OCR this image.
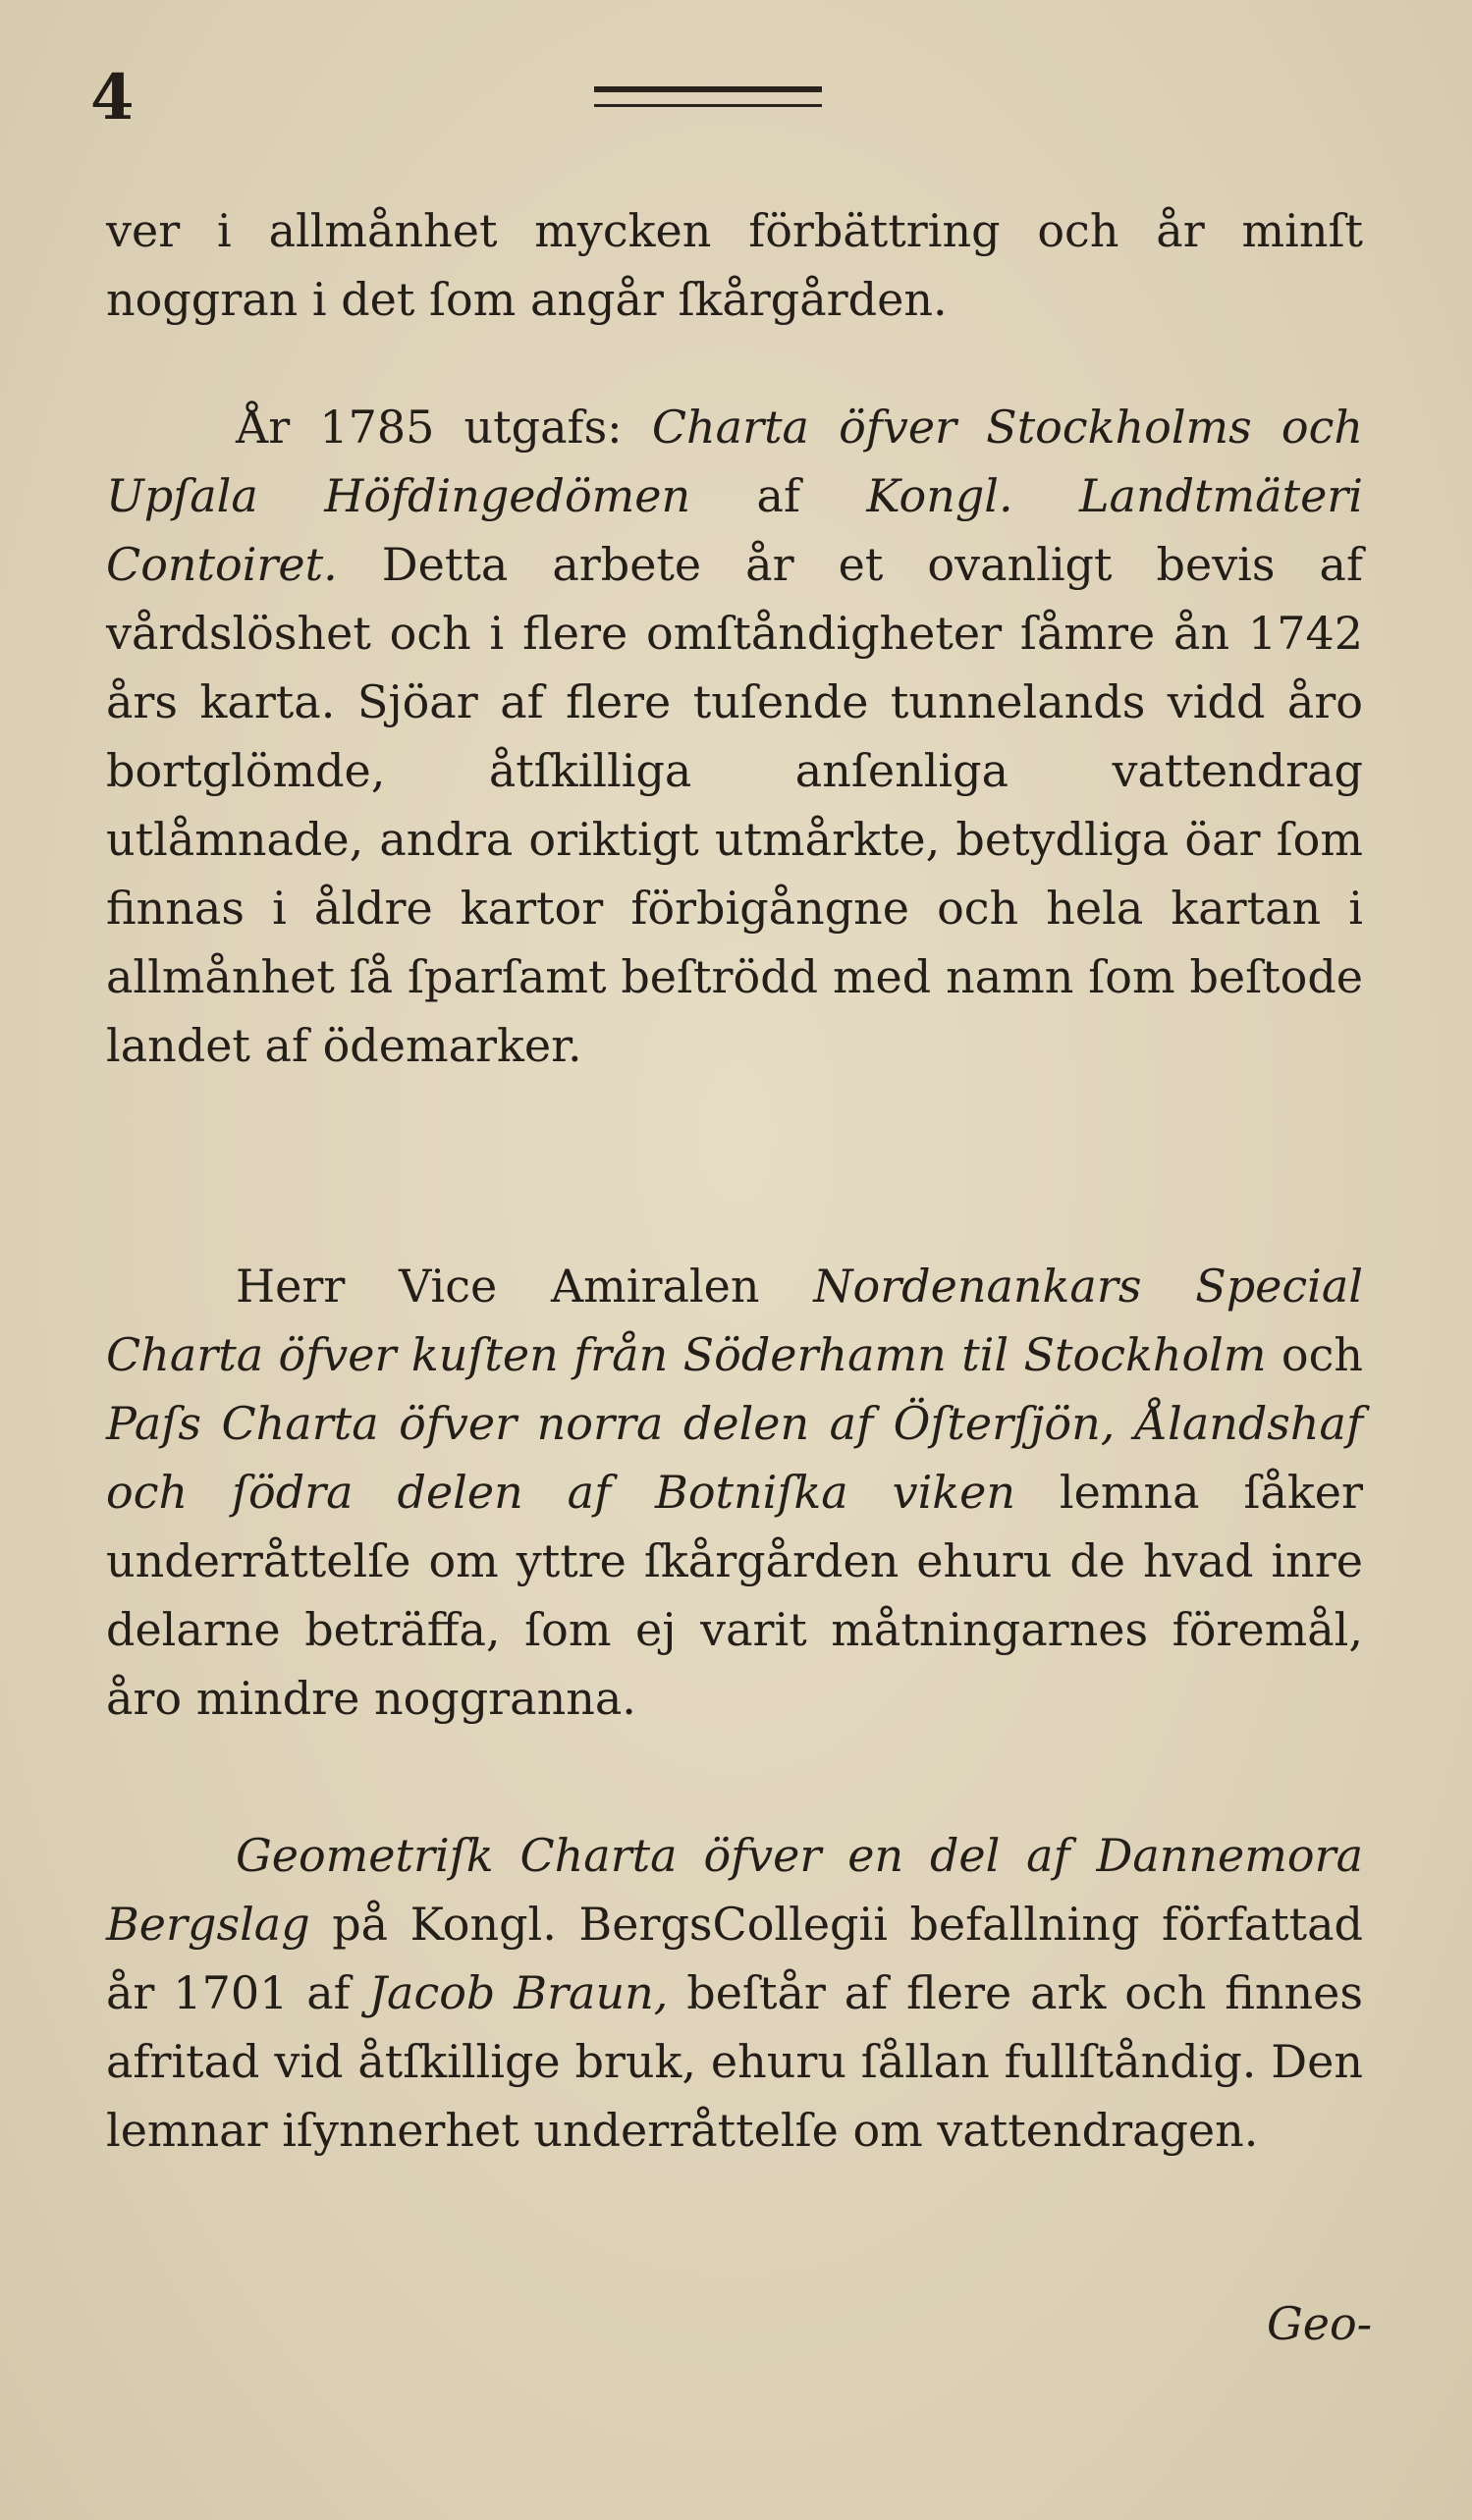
4

ver i allmånhet mycken förbättring och år minſt noggran i det ſom angår ſkårgården.

År 1785 utgafs: Charta öfver Stockholms och Upſala Höfdingedömen af Kongl. Landtmäteri Contoiret. Detta arbete år et ovanligt bevis af vårdslöshet och i flere omſtåndigheter ſåmre ån 1742 års karta. Sjöar af flere tuſende tunnelands vidd åro bortglömde, åtſkilliga anſenliga vattendrag utlåmnade, andra oriktigt utmårkte, betydliga öar ſom finnas i åldre kartor förbigångne och hela kartan i allmånhet ſå ſparſamt beſtrödd med namn ſom beſtode landet af ödemarker.

Herr Vice Amiralen Nordenankars Special Charta öfver kuſten från Söderhamn til Stockholm och Paſs Charta öfver norra delen af Öſterſjön, Ålandshaf och ſödra delen af Botniſka viken lemna ſåker underråttelſe om yttre ſkårgården ehuru de hvad inre delarne beträffa, ſom ej varit måtningarnes föremål, åro mindre noggranna.

Geometriſk Charta öfver en del af Dannemora Bergslag på Kongl. BergsCollegii befallning författad år 1701 af Jacob Braun, beſtår af flere ark och finnes afritad vid åtſkillige bruk, ehuru ſållan fullſtåndig. Den lemnar iſynnerhet underråttelſe om vattendragen.

Geo-
